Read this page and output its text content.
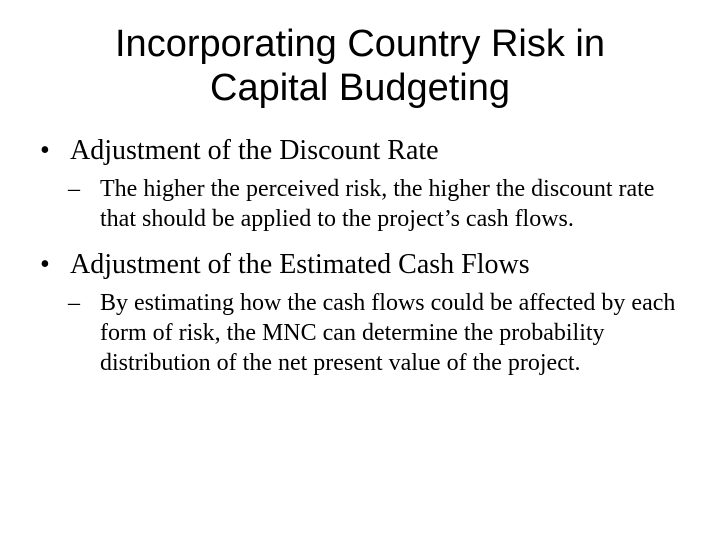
Incorporating Country Risk in
Capital Budgeting
• Adjustment of the Discount Rate
– The higher the perceived risk, the higher the discount rate that should be applied to the project’s cash flows.
• Adjustment of the Estimated Cash Flows
– By estimating how the cash flows could be affected by each form of risk, the MNC can determine the probability distribution of the net present value of the project.
